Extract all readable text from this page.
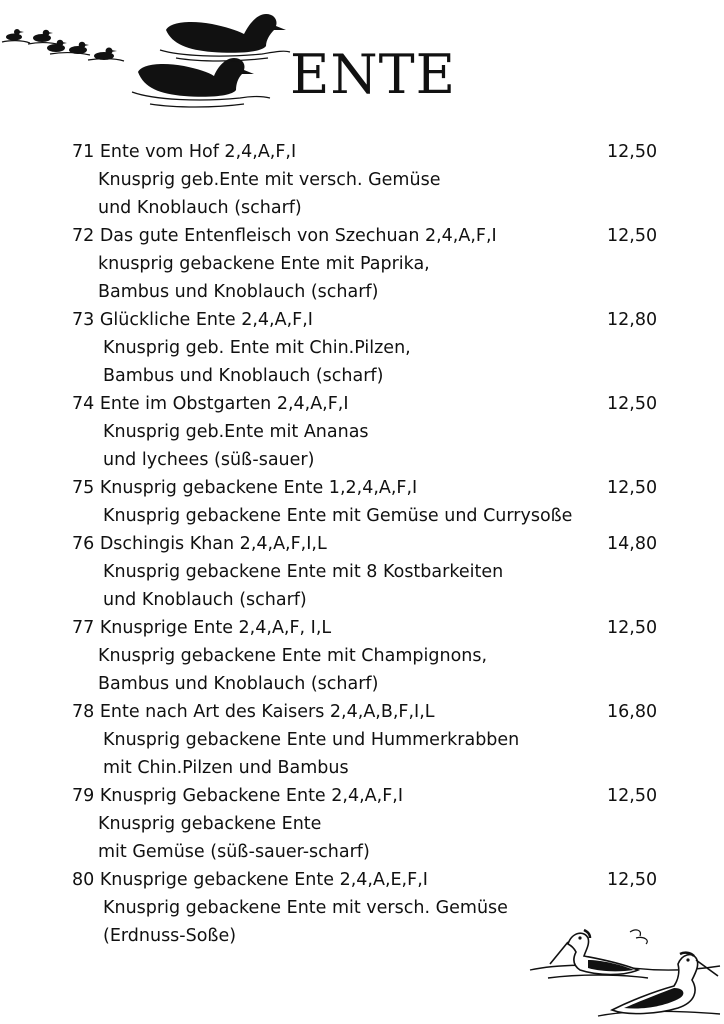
ENTE
71 Ente vom Hof 2,4,A,F,I	12,50
Knusprig geb.Ente mit versch. Gemüse
und Knoblauch (scharf)
72 Das gute Entenfleisch von Szechuan 2,4,A,F,I	12,50
knusprig gebackene Ente mit Paprika,
Bambus und Knoblauch (scharf)
73 Glückliche Ente 2,4,A,F,I	12,80
Knusprig geb. Ente mit Chin.Pilzen,
Bambus und Knoblauch (scharf)
74 Ente im Obstgarten 2,4,A,F,I	12,50
Knusprig geb.Ente mit Ananas
und lychees (süß-sauer)
75 Knusprig gebackene Ente 1,2,4,A,F,I	12,50
Knusprig gebackene Ente mit Gemüse und Currysoße
76 Dschingis Khan 2,4,A,F,I,L	14,80
Knusprig gebackene Ente mit 8 Kostbarkeiten
und Knoblauch (scharf)
77 Knusprige Ente 2,4,A,F, I,L	12,50
Knusprig gebackene Ente mit Champignons,
Bambus und Knoblauch (scharf)
78 Ente nach Art des Kaisers 2,4,A,B,F,I,L	16,80
Knusprig gebackene Ente und Hummerkrabben
mit Chin.Pilzen und Bambus
79 Knusprig Gebackene Ente 2,4,A,F,I	12,50
Knusprig gebackene Ente
mit Gemüse (süß-sauer-scharf)
80 Knusprige gebackene Ente 2,4,A,E,F,I	12,50
Knusprig gebackene Ente mit versch. Gemüse
(Erdnuss-Soße)
